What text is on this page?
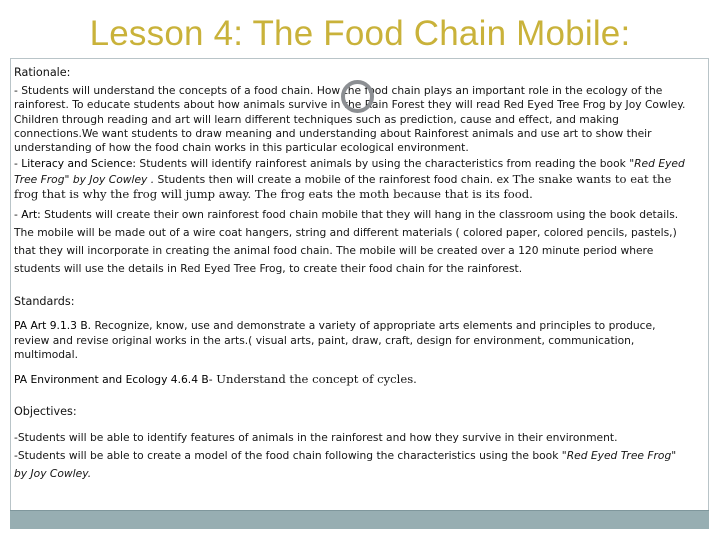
Lesson 4: The Food Chain Mobile:
Rationale:

- Students will understand the concepts of a food chain. How the food chain plays an important role in the ecology of the rainforest. To educate students about how animals survive in the Rain Forest they will read Red Eyed Tree Frog by Joy Cowley. Children through reading and art will learn different techniques such as prediction, cause and effect, and making connections.We want students to draw meaning and understanding about Rainforest animals and use art to show their understanding of how the food chain works in this particular ecological environment.

- Literacy and Science: Students will identify rainforest animals by using the characteristics from reading the book "Red Eyed Tree Frog" by Joy Cowley . Students then will create a mobile of the rainforest food chain. ex The snake wants to eat the frog that is why the frog will jump away. The frog eats the moth because that is its food.

- Art: Students will create their own rainforest food chain mobile that they will hang in the classroom using the book details. The mobile will be made out of a wire coat hangers, string and different materials ( colored paper, colored pencils, pastels,) that they will incorporate in creating the animal food chain. The mobile will be created over a 120 minute period where students will use the details in Red Eyed Tree Frog, to create their food chain for the rainforest.

Standards:

PA Art 9.1.3 B. Recognize, know, use and demonstrate a variety of appropriate arts elements and principles to produce, review and revise original works in the arts.( visual arts, paint, draw, craft, design for environment, communication, multimodal.

PA Environment and Ecology 4.6.4 B- Understand the concept of cycles.

Objectives:

-Students will be able to identify features of animals in the rainforest and how they survive in their environment.

-Students will be able to create a model of the food chain following the characteristics using the book "Red Eyed Tree Frog" by Joy Cowley.
